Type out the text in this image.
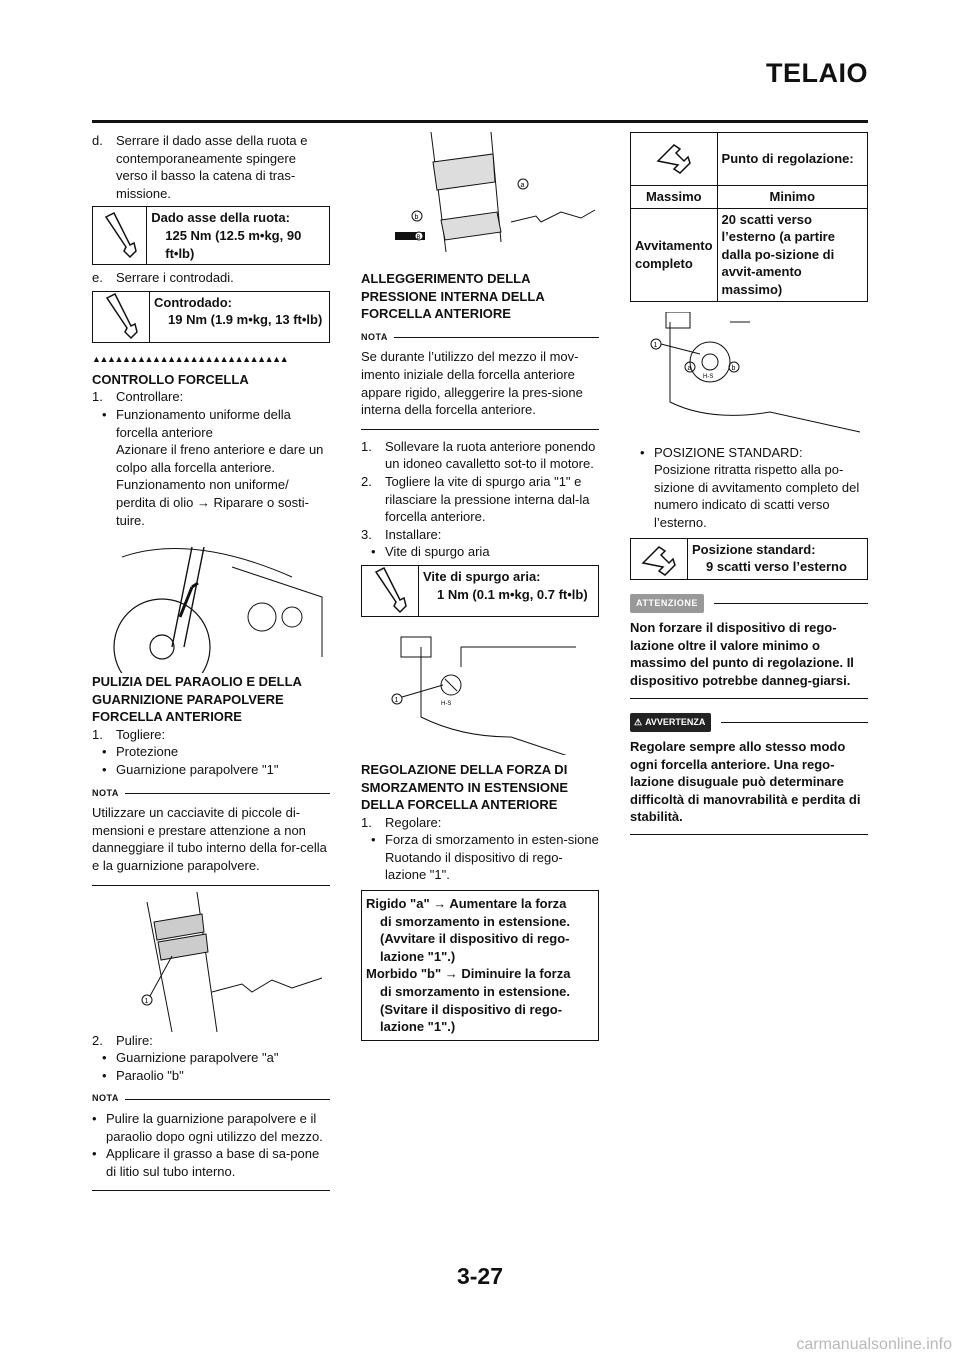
TELAIO
d.	Serrare il dado asse della ruota e contemporaneamente spingere verso il basso la catena di tras-missione.
Dado asse della ruota:
125 Nm (12.5 m•kg, 90 ft•lb)
e.	Serrare i controdadi.
Controdado:
19 Nm (1.9 m•kg, 13 ft•lb)
▲▲▲▲▲▲▲▲▲▲▲▲▲▲▲▲▲▲▲▲▲▲▲▲▲▲

CONTROLLO FORCELLA

1.	Controllare:
• Funzionamento uniforme della forcella anteriore
Azionare il freno anteriore e dare un colpo alla forcella anteriore. Funzionamento non uniforme/ perdita di olio → Riparare o sosti-tuire.

PULIZIA DEL PARAOLIO E DELLA GUARNIZIONE PARAPOLVERE FORCELLA ANTERIORE

1.	Togliere:
• Protezione
• Guarnizione parapolvere "1"
NOTA
Utilizzare un cacciavite di piccole di-mensioni e prestare attenzione a non danneggiare il tubo interno della for-cella e la guarnizione parapolvere.
1
2.	Pulire:
• Guarnizione parapolvere "a"
• Paraolio "b"
NOTA
• Pulire la guarnizione parapolvere e il paraolio dopo ogni utilizzo del mezzo.
• Applicare il grasso a base di sa-pone di litio sul tubo interno.
a
b
B

ALLEGGERIMENTO DELLA PRESSIONE INTERNA DELLA FORCELLA ANTERIORE

NOTA
Se durante l’utilizzo del mezzo il mov-imento iniziale della forcella anteriore appare rigido, alleggerire la pres-sione interna della forcella anteriore.
1.	Sollevare la ruota anteriore ponendo un idoneo cavalletto sot-to il motore.
2.	Togliere la vite di spurgo aria "1" e rilasciare la pressione interna dal-la forcella anteriore.
3.	Installare:
• Vite di spurgo aria
Vite di spurgo aria:
1 Nm (0.1 m•kg, 0.7 ft•lb)
H-S
1

REGOLAZIONE DELLA FORZA DI SMORZAMENTO IN ESTENSIONE DELLA FORCELLA ANTERIORE

1.	Regolare:
• Forza di smorzamento in esten-sione
Ruotando il dispositivo di rego-lazione "1".
Rigido "a" → Aumentare la forza
di smorzamento in estensione. (Avvitare il dispositivo di rego-lazione "1".)
Morbido "b" → Diminuire la forza
di smorzamento in estensione. (Svitare il dispositivo di rego-lazione "1".)
	Punto di regolazione:
Massimo	Minimo
Avvitamento completo	20 scatti verso l’esterno (a partire dalla po-sizione di avvit-amento massimo)
1
a	b
H-S
• POSIZIONE STANDARD:
Posizione ritratta rispetto alla po-sizione di avvitamento completo del numero indicato di scatti verso l’esterno.
Posizione standard:
9 scatti verso l’esterno
ATTENZIONE
Non forzare il dispositivo di rego-lazione oltre il valore minimo o massimo del punto di regolazione. Il dispositivo potrebbe danneg-giarsi.
⚠ AVVERTENZA
Regolare sempre allo stesso modo ogni forcella anteriore. Una rego-lazione disuguale può determinare difficoltà di manovrabilità e perdita di stabilità.
3-27
carmanualsonline.info
